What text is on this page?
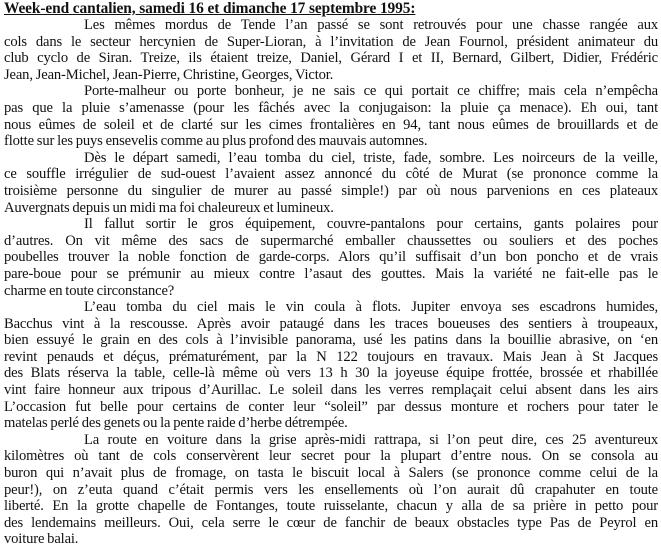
Week-end cantalien, samedi 16 et dimanche 17 septembre 1995:
Les mêmes mordus de Tende l’an passé se sont retrouvés pour une chasse rangée aux
cols dans le secteur hercynien de Super-Lioran, à l’invitation de Jean Fournol, président animateur du
club cyclo de Siran. Treize, ils étaient treize, Daniel, Gérard I et II, Bernard, Gilbert, Didier, Frédéric
Jean, Jean-Michel, Jean-Pierre, Christine, Georges, Victor.
Porte-malheur ou porte bonheur, je ne sais ce qui portait ce chiffre; mais cela n’empêcha
pas que la pluie s’amenasse (pour les fâchés avec la conjugaison: la pluie ça menace). Eh oui, tant
nous eûmes de soleil et de clarté sur les cimes frontalières en 94, tant nous eûmes de brouillards et de
flotte sur les puys ensevelis comme au plus profond des mauvais automnes.
Dès le départ samedi, l’eau tomba du ciel, triste, fade, sombre. Les noirceurs de la veille,
ce souffle irrégulier de sud-ouest l’avaient assez annoncé du côté de Murat (se prononce comme la
troisième personne du singulier de murer au passé simple!) par où nous parvenions en ces plateaux
Auvergnats depuis un midi ma foi chaleureux et lumineux.
Il fallut sortir le gros équipement, couvre-pantalons pour certains, gants polaires pour
d’autres. On vit même des sacs de supermarché emballer chaussettes ou souliers et des poches
poubelles trouver la noble fonction de garde-corps. Alors qu’il suffisait d’un bon poncho et de vrais
pare-boue pour se prémunir au mieux contre l’asaut des gouttes. Mais la variété ne fait-elle pas le
charme en toute circonstance?
L’eau tomba du ciel mais le vin coula à flots. Jupiter envoya ses escadrons humides,
Bacchus vint à la rescousse. Après avoir pataugé dans les traces boueuses des sentiers à troupeaux,
bien essuyé le grain en des cols à l’invisible panorama, usé les patins dans la bouillie abrasive, on ‘en
revint penauds et déçus, prématurément, par la N 122 toujours en travaux. Mais Jean à St Jacques
des Blats réserva la table, celle-là même où vers 13 h 30 la joyeuse équipe frottée, brossée et rhabillée
vint faire honneur aux tripous d’Aurillac. Le soleil dans les verres remplaçait celui absent dans les airs
L’occasion fut belle pour certains de conter leur “soleil” par dessus monture et rochers pour tater le
matelas perlé des genets ou la pente raide d’herbe détrempée.
La route en voiture dans la grise après-midi rattrapa, si l’on peut dire, ces 25 aventureux
kilomètres où tant de cols conservèrent leur secret pour la plupart d’entre nous. On se consola au
buron qui n’avait plus de fromage, on tasta le biscuit local à Salers (se prononce comme celui de la
peur!), on z’euta quand c’était permis vers les ensellements où l’on aurait dû crapahuter en toute
liberté. En la grotte chapelle de Fontanges, toute ruisselante, chacun y alla de sa prière in petto pour
des lendemains meilleurs. Oui, cela serre le cœur de fanchir de beaux obstacles type Pas de Peyrol en
voiture balai.
